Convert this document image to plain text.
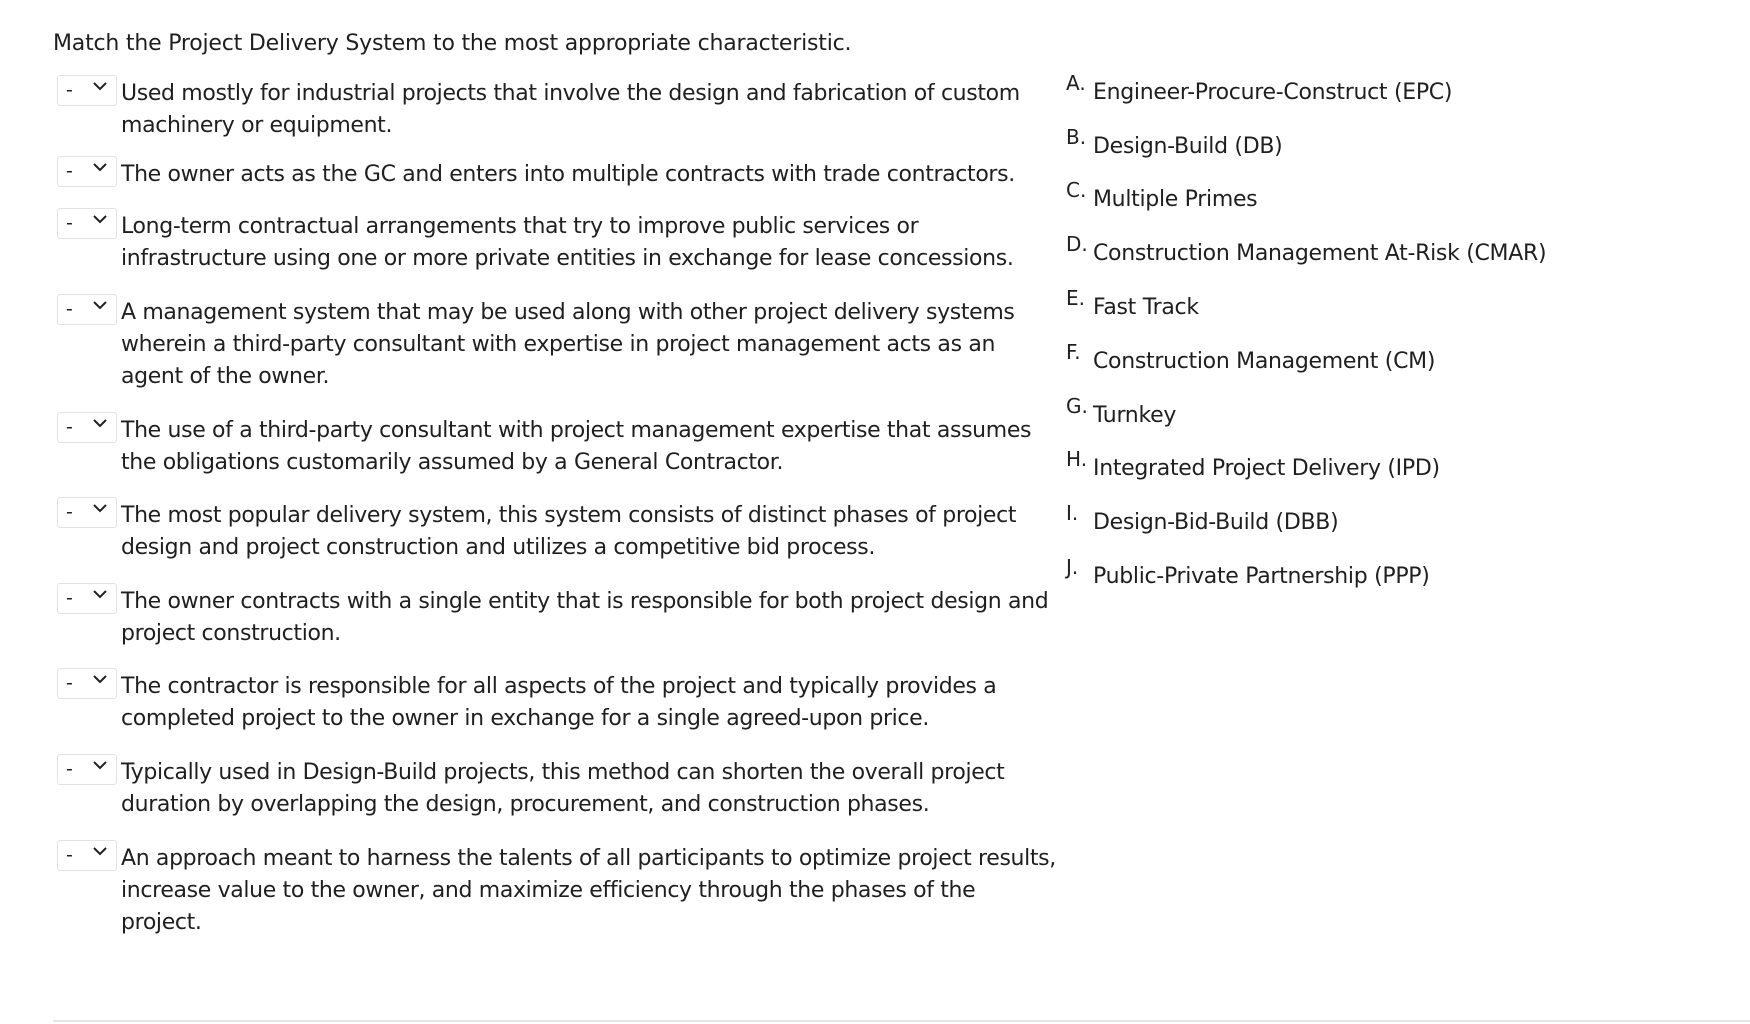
Match the Project Delivery System to the most appropriate characteristic.
- Used mostly for industrial projects that involve the design and fabrication of custom machinery or equipment.
- The owner acts as the GC and enters into multiple contracts with trade contractors.
- Long-term contractual arrangements that try to improve public services or infrastructure using one or more private entities in exchange for lease concessions.
- A management system that may be used along with other project delivery systems wherein a third-party consultant with expertise in project management acts as an agent of the owner.
- The use of a third-party consultant with project management expertise that assumes the obligations customarily assumed by a General Contractor.
- The most popular delivery system, this system consists of distinct phases of project design and project construction and utilizes a competitive bid process.
- The owner contracts with a single entity that is responsible for both project design and project construction.
- The contractor is responsible for all aspects of the project and typically provides a completed project to the owner in exchange for a single agreed-upon price.
- Typically used in Design-Build projects, this method can shorten the overall project duration by overlapping the design, procurement, and construction phases.
- An approach meant to harness the talents of all participants to optimize project results, increase value to the owner, and maximize efficiency through the phases of the project.
A. Engineer-Procure-Construct (EPC)
B. Design-Build (DB)
C. Multiple Primes
D. Construction Management At-Risk (CMAR)
E. Fast Track
F. Construction Management (CM)
G. Turnkey
H. Integrated Project Delivery (IPD)
I. Design-Bid-Build (DBB)
J. Public-Private Partnership (PPP)
